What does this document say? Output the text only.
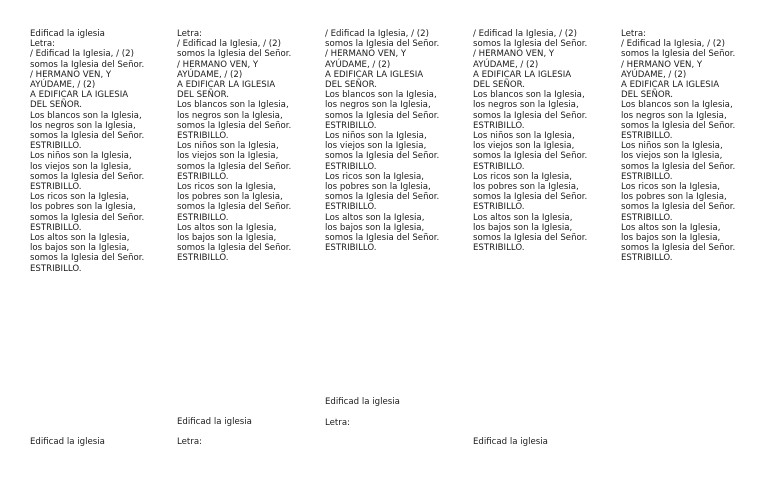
Edificad la iglesia

Letra:

/ Edificad la Iglesia, / (2)
somos la Iglesia del Señor.

/ HERMANO VEN, Y
AYÚDAME, / (2)
A EDIFICAR LA IGLESIA
DEL SEÑOR.

Los blancos son la Iglesia,
los negros son la Iglesia,
somos la Iglesia del Señor.
ESTRIBILLO.

Los niños son la Iglesia,
los viejos son la Iglesia,
somos la Iglesia del Señor.
ESTRIBILLO.

Los ricos son la Iglesia,
los pobres son la Iglesia,
somos la Iglesia del Señor.
ESTRIBILLO.

Los altos son la Iglesia,
los bajos son la Iglesia,
somos la Iglesia del Señor.
ESTRIBILLO.

Letra:

/ Edificad la Iglesia, / (2)
somos la Iglesia del Señor.

/ HERMANO VEN, Y
AYÚDAME, / (2)
A EDIFICAR LA IGLESIA
DEL SEÑOR.

Los blancos son la Iglesia,
los negros son la Iglesia,
somos la Iglesia del Señor.
ESTRIBILLO.

Los niños son la Iglesia,
los viejos son la Iglesia,
somos la Iglesia del Señor.
ESTRIBILLO.

Los ricos son la Iglesia,
los pobres son la Iglesia,
somos la Iglesia del Señor.
ESTRIBILLO.

Los altos son la Iglesia,
los bajos son la Iglesia,
somos la Iglesia del Señor.
ESTRIBILLO.

/ Edificad la Iglesia, / (2)
somos la Iglesia del Señor.

/ HERMANO VEN, Y
AYÚDAME, / (2)
A EDIFICAR LA IGLESIA
DEL SEÑOR.

Los blancos son la Iglesia,
los negros son la Iglesia,
somos la Iglesia del Señor.
ESTRIBILLO.

Los niños son la Iglesia,
los viejos son la Iglesia,
somos la Iglesia del Señor.
ESTRIBILLO.

Los ricos son la Iglesia,
los pobres son la Iglesia,
somos la Iglesia del Señor.
ESTRIBILLO.

Los altos son la Iglesia,
los bajos son la Iglesia,
somos la Iglesia del Señor.
ESTRIBILLO.

/ Edificad la Iglesia, / (2)
somos la Iglesia del Señor.

/ HERMANO VEN, Y
AYÚDAME, / (2)
A EDIFICAR LA IGLESIA
DEL SEÑOR.

Los blancos son la Iglesia,
los negros son la Iglesia,
somos la Iglesia del Señor.
ESTRIBILLO.

Los niños son la Iglesia,
los viejos son la Iglesia,
somos la Iglesia del Señor.
ESTRIBILLO.

Los ricos son la Iglesia,
los pobres son la Iglesia,
somos la Iglesia del Señor.
ESTRIBILLO.

Los altos son la Iglesia,
los bajos son la Iglesia,
somos la Iglesia del Señor.
ESTRIBILLO.

Letra:

/ Edificad la Iglesia, / (2)
somos la Iglesia del Señor.

/ HERMANO VEN, Y
AYÚDAME, / (2)
A EDIFICAR LA IGLESIA
DEL SEÑOR.

Los blancos son la Iglesia,
los negros son la Iglesia,
somos la Iglesia del Señor.
ESTRIBILLO.

Los niños son la Iglesia,
los viejos son la Iglesia,
somos la Iglesia del Señor.
ESTRIBILLO.

Los ricos son la Iglesia,
los pobres son la Iglesia,
somos la Iglesia del Señor.
ESTRIBILLO.

Los altos son la Iglesia,
los bajos son la Iglesia,
somos la Iglesia del Señor.
ESTRIBILLO.

Edificad la iglesia

Letra:

Edificad la iglesia

Letra:

Edificad la iglesia	Edificad la iglesia
